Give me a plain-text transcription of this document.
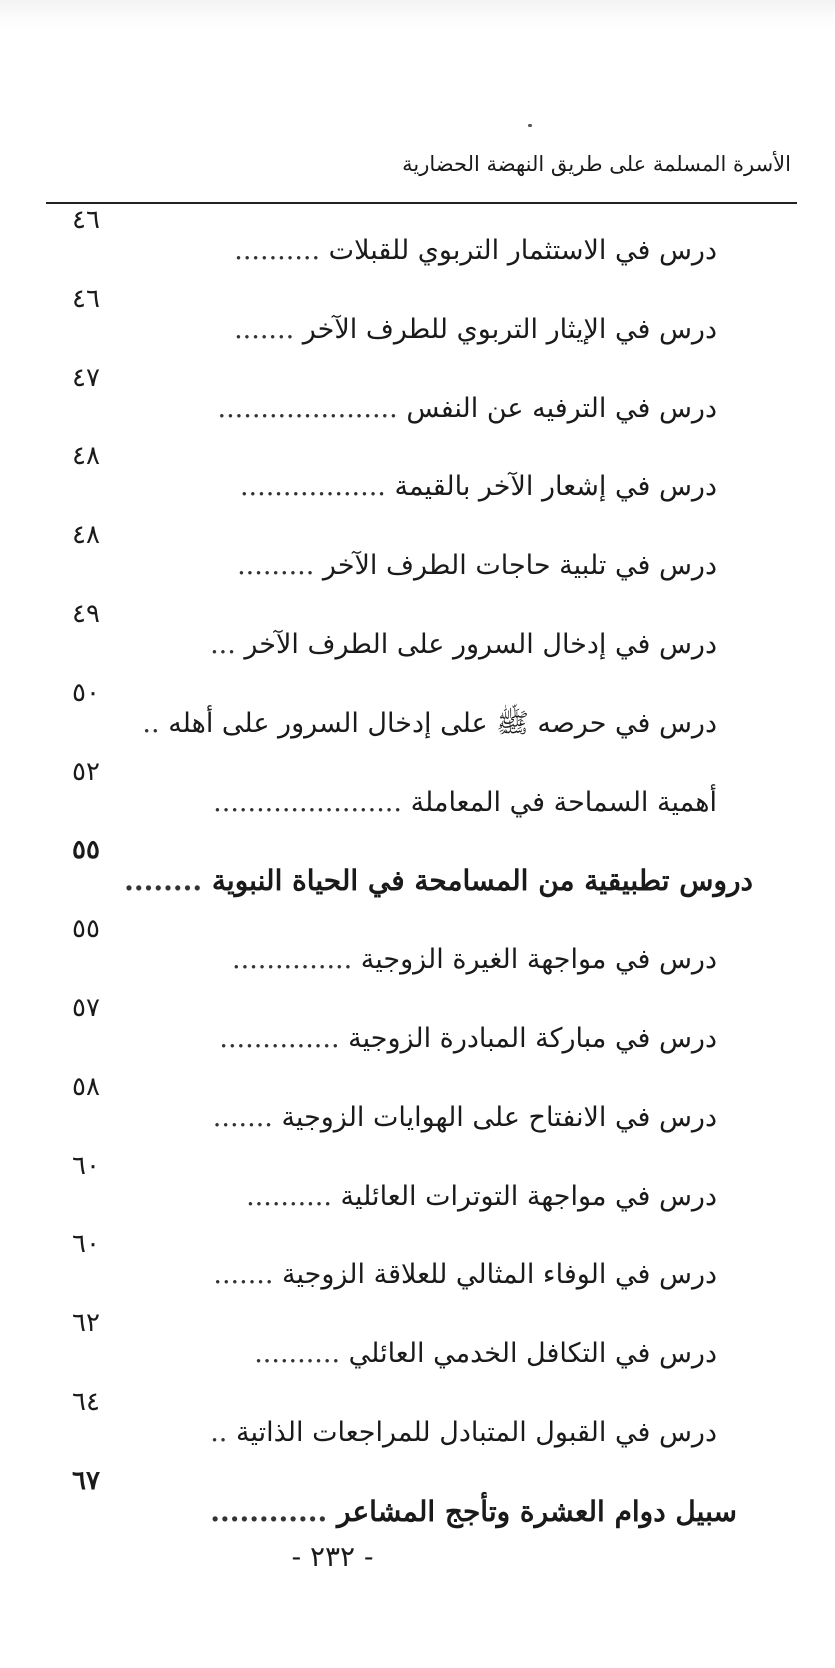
الأسرة المسلمة على طريق النهضة الحضارية
٤٦
درس في الاستثمار التربوي للقبلات ..........
٤٦
درس في الإيثار التربوي للطرف الآخر .......
٤٧
درس في الترفيه عن النفس .....................
٤٨
درس في إشعار الآخر بالقيمة .................
٤٨
درس في تلبية حاجات الطرف الآخر .........
٤٩
درس في إدخال السرور على الطرف الآخر ...
٥٠
درس في حرصه ﷺ على إدخال السرور على أهله ..
٥٢
أهمية السماحة في المعاملة ......................
٥٥
دروس تطبيقية من المسامحة في الحياة النبوية ........
٥٥
درس في مواجهة الغيرة الزوجية ..............
٥٧
درس في مباركة المبادرة الزوجية ..............
٥٨
درس في الانفتاح على الهوايات الزوجية .......
٦٠
درس في مواجهة التوترات العائلية ..........
٦٠
درس في الوفاء المثالي للعلاقة الزوجية .......
٦٢
درس في التكافل الخدمي العائلي ..........
٦٤
درس في القبول المتبادل للمراجعات الذاتية ..
٦٧
سبيل دوام العشرة وتأجج المشاعر ............
- ٢٣٢ -
